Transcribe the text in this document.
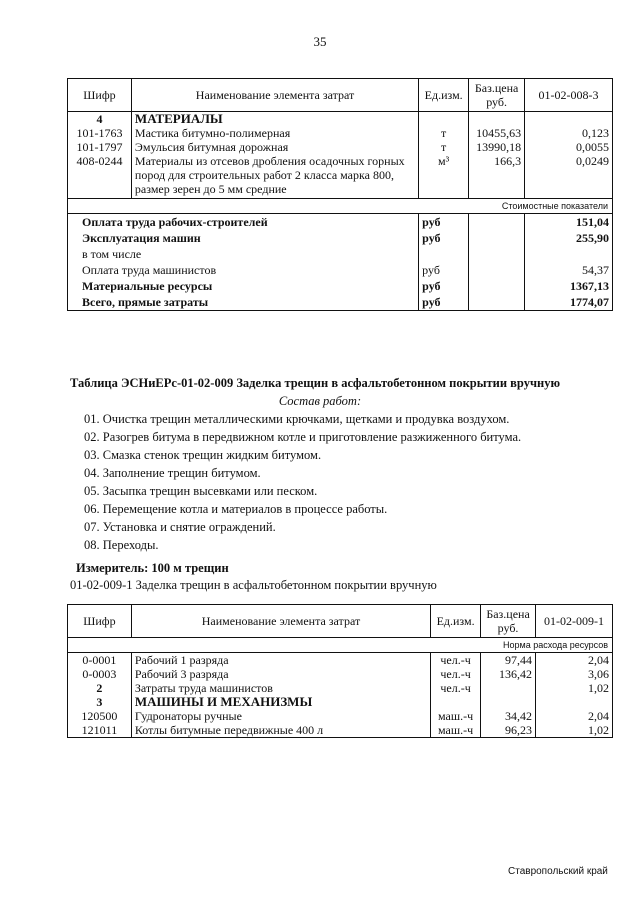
35
Шифр	Наименование элемента затрат	Ед.изм.	Баз.цена руб.	01-02-008-3
4	МАТЕРИАЛЫ			
101-1763	Мастика битумно-полимерная	т	10455,63	0,123
101-1797	Эмульсия битумная дорожная	т	13990,18	0,0055
408-0244	Материалы из отсевов дробления осадочных горных пород для строительных работ 2 класса марка 800, размер зерен до 5 мм средние	м³	166,3	0,0249
Стоимостные показатели				
Оплата труда рабочих-строителей		руб		151,04
Эксплуатация машин		руб		255,90
в том числе				
Оплата труда машинистов		руб		54,37
Материальные ресурсы		руб		1367,13
Всего, прямые затраты		руб		1774,07
Таблица ЭСНиЕРс-01-02-009 Заделка трещин в асфальтобетонном покрытии вручную
Состав работ:
01. Очистка трещин металлическими крючками, щетками и продувка воздухом.
02. Разогрев битума в передвижном котле и приготовление разжиженного битума.
03. Смазка стенок трещин жидким битумом.
04. Заполнение трещин битумом.
05. Засыпка трещин высевками или песком.
06. Перемещение котла и материалов в процессе работы.
07. Установка и снятие ограждений.
08. Переходы.
Измеритель: 100 м трещин
01-02-009-1 Заделка трещин в асфальтобетонном покрытии вручную
Шифр	Наименование элемента затрат	Ед.изм.	Баз.цена руб.	01-02-009-1
Норма расхода ресурсов				
0-0001	Рабочий 1 разряда	чел.-ч	97,44	2,04
0-0003	Рабочий 3 разряда	чел.-ч	136,42	3,06
2	Затраты труда машинистов	чел.-ч		1,02
3	МАШИНЫ И МЕХАНИЗМЫ			
120500	Гудронаторы ручные	маш.-ч	34,42	2,04
121011	Котлы битумные передвижные 400 л	маш.-ч	96,23	1,02
Ставропольский край
